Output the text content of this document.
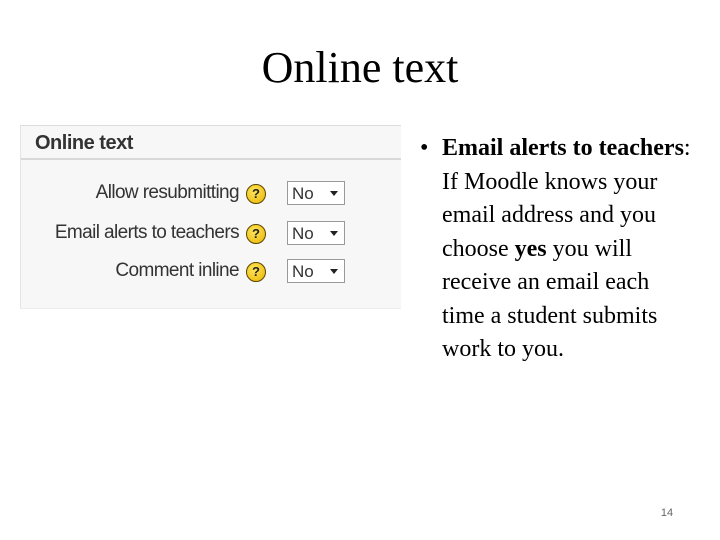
Online text
Online text
Allow resubmitting	?	No
Email alerts to teachers	?	No
Comment inline	?	No
• Email alerts to teachers: If Moodle knows your email address and you choose yes you will receive an email each time a student submits work to you.
14
